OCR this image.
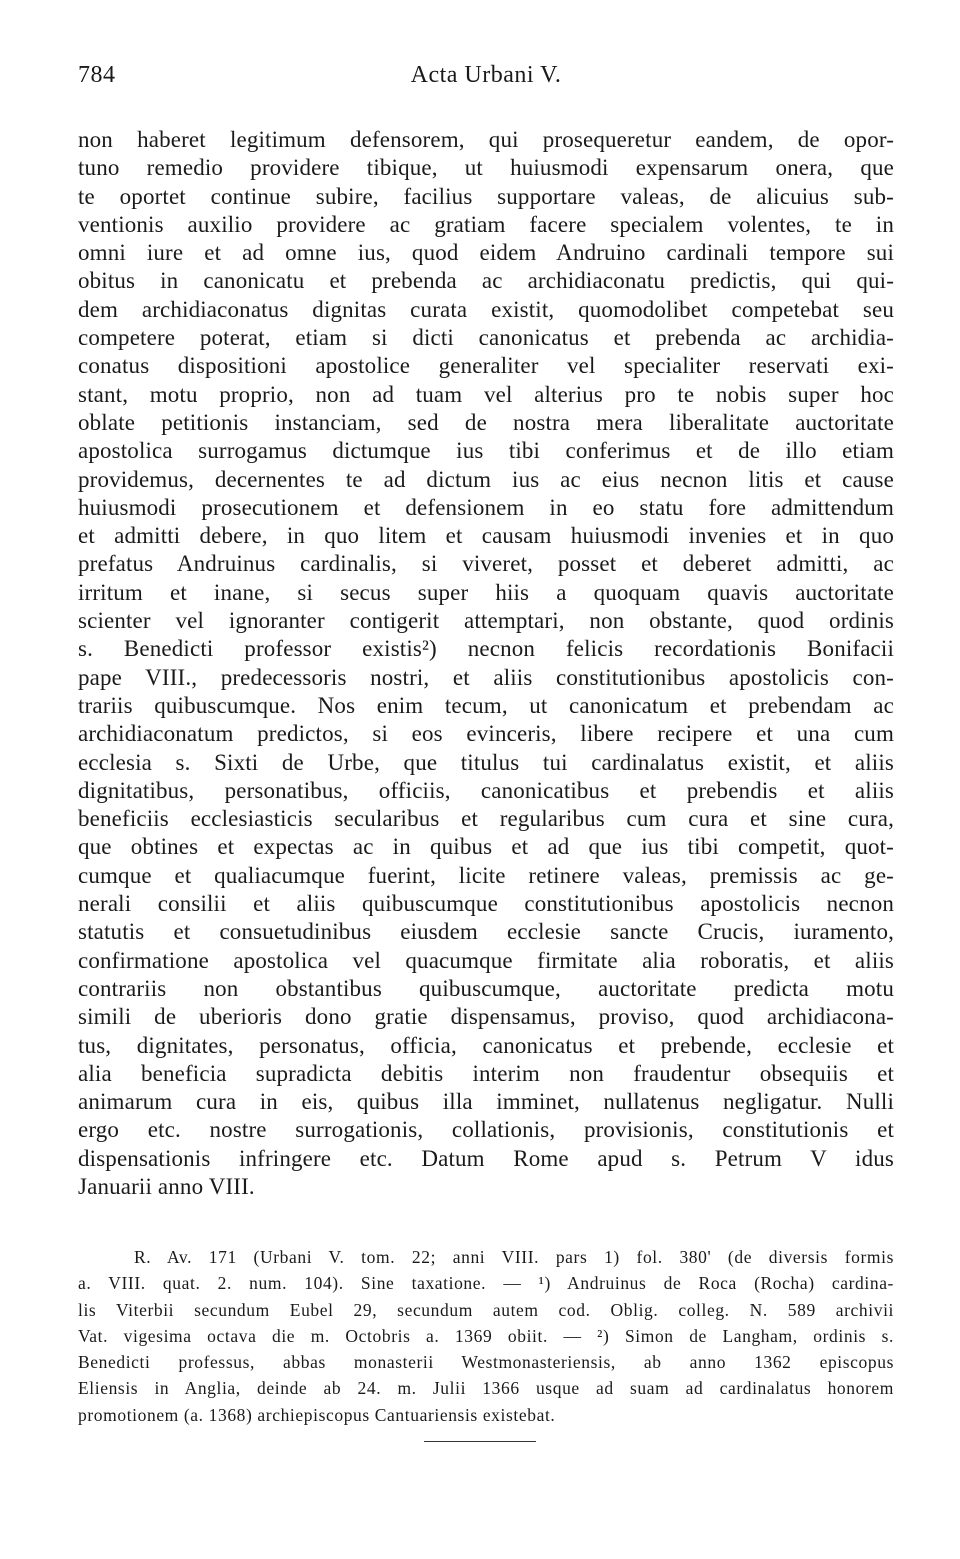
784	Acta Urbani V.
non haberet legitimum defensorem, qui prosequeretur eandem, de opor-
tuno remedio providere tibique, ut huiusmodi expensarum onera, que
te oportet continue subire, facilius supportare valeas, de alicuius sub-
ventionis auxilio providere ac gratiam facere specialem volentes, te in
omni iure et ad omne ius, quod eidem Andruino cardinali tempore sui
obitus in canonicatu et prebenda ac archidiaconatu predictis, qui qui-
dem archidiaconatus dignitas curata existit, quomodolibet competebat seu
competere poterat, etiam si dicti canonicatus et prebenda ac archidia-
conatus dispositioni apostolice generaliter vel specialiter reservati exi-
stant, motu proprio, non ad tuam vel alterius pro te nobis super hoc
oblate petitionis instanciam, sed de nostra mera liberalitate auctoritate
apostolica surrogamus dictumque ius tibi conferimus et de illo etiam
providemus, decernentes te ad dictum ius ac eius necnon litis et cause
huiusmodi prosecutionem et defensionem in eo statu fore admittendum
et admitti debere, in quo litem et causam huiusmodi invenies et in quo
prefatus Andruinus cardinalis, si viveret, posset et deberet admitti, ac
irritum et inane, si secus super hiis a quoquam quavis auctoritate
scienter vel ignoranter contigerit attemptari, non obstante, quod ordinis
s. Benedicti professor existis²) necnon felicis recordationis Bonifacii
pape VIII., predecessoris nostri, et aliis constitutionibus apostolicis con-
trariis quibuscumque. Nos enim tecum, ut canonicatum et prebendam ac
archidiaconatum predictos, si eos evinceris, libere recipere et una cum
ecclesia s. Sixti de Urbe, que titulus tui cardinalatus existit, et aliis
dignitatibus, personatibus, officiis, canonicatibus et prebendis et aliis
beneficiis ecclesiasticis secularibus et regularibus cum cura et sine cura,
que obtines et expectas ac in quibus et ad que ius tibi competit, quot-
cumque et qualiacumque fuerint, licite retinere valeas, premissis ac ge-
nerali consilii et aliis quibuscumque constitutionibus apostolicis necnon
statutis et consuetudinibus eiusdem ecclesie sancte Crucis, iuramento,
confirmatione apostolica vel quacumque firmitate alia roboratis, et aliis
contrariis non obstantibus quibuscumque, auctoritate predicta motu
simili de uberioris dono gratie dispensamus, proviso, quod archidiacona-
tus, dignitates, personatus, officia, canonicatus et prebende, ecclesie et
alia beneficia supradicta debitis interim non fraudentur obsequiis et
animarum cura in eis, quibus illa imminet, nullatenus negligatur. Nulli
ergo etc. nostre surrogationis, collationis, provisionis, constitutionis et
dispensationis infringere etc. Datum Rome apud s. Petrum V idus
Januarii anno VIII.
R. Av. 171 (Urbani V. tom. 22; anni VIII. pars 1) fol. 380' (de diversis formis
a. VIII. quat. 2. num. 104). Sine taxatione. — ¹) Andruinus de Roca (Rocha) cardina-
lis Viterbii secundum Eubel 29, secundum autem cod. Oblig. colleg. N. 589 archivii
Vat. vigesima octava die m. Octobris a. 1369 obiit. — ²) Simon de Langham, ordinis s.
Benedicti professus, abbas monasterii Westmonasteriensis, ab anno 1362 episcopus
Eliensis in Anglia, deinde ab 24. m. Julii 1366 usque ad suam ad cardinalatus honorem
promotionem (a. 1368) archiepiscopus Cantuariensis existebat.
